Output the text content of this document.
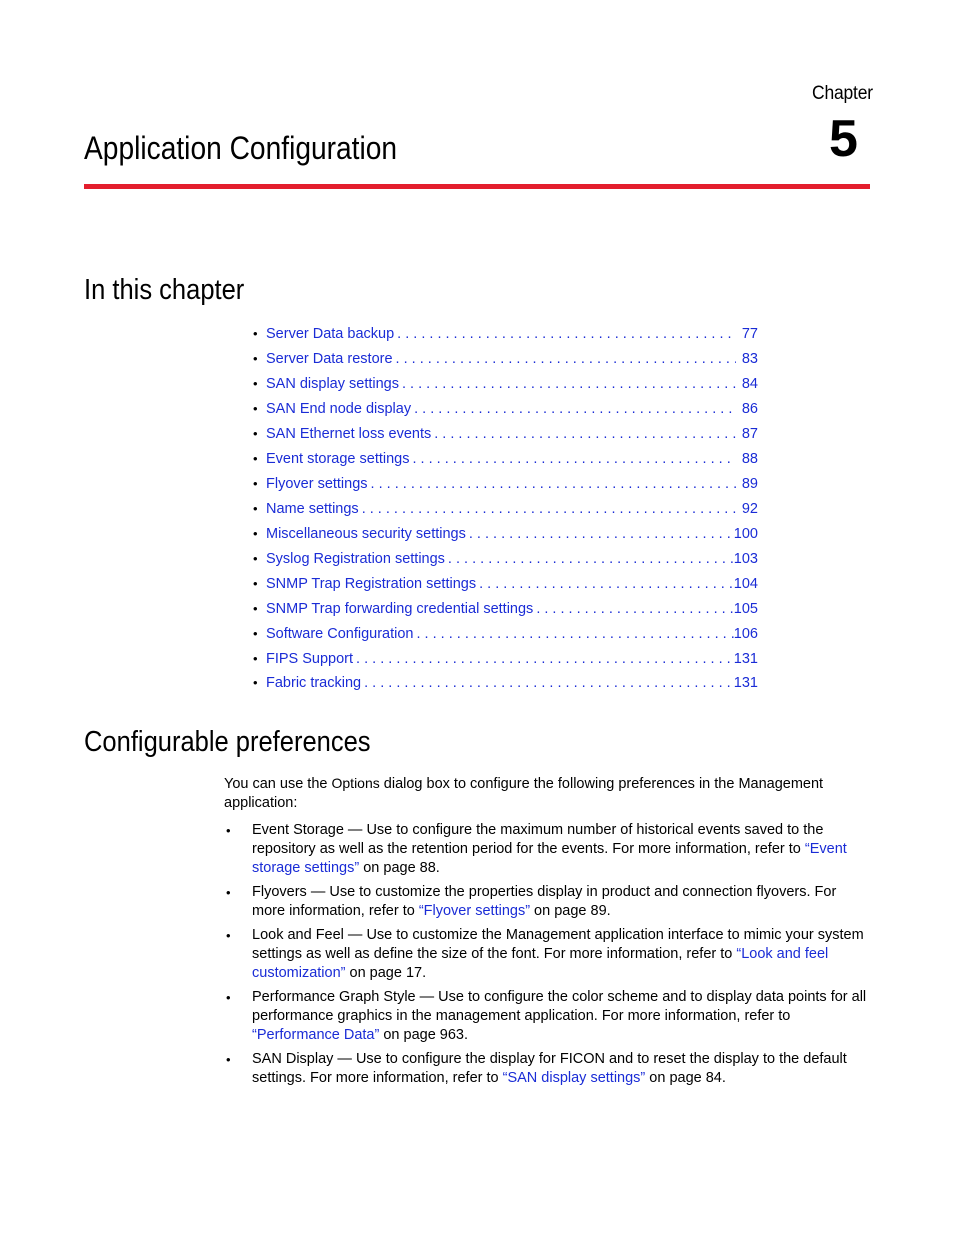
Chapter
5
Application Configuration
In this chapter
• Server Data backup . . .	77
• Server Data restore . . .	83
• SAN display settings . . .	84
• SAN End node display . . .	86
• SAN Ethernet loss events . . .	87
• Event storage settings . . .	88
• Flyover settings . . .	89
• Name settings . . .	92
• Miscellaneous security settings . . .	100
• Syslog Registration settings . . .	103
• SNMP Trap Registration settings . . .	104
• SNMP Trap forwarding credential settings . . .	105
• Software Configuration . . .	106
• FIPS Support . . .	131
• Fabric tracking . . .	131
Configurable preferences

You can use the Options dialog box to configure the following preferences in the Management application:

• Event Storage — Use to configure the maximum number of historical events saved to the repository as well as the retention period for the events. For more information, refer to “Event storage settings” on page 88.
• Flyovers — Use to customize the properties display in product and connection flyovers. For more information, refer to “Flyover settings” on page 89.
• Look and Feel — Use to customize the Management application interface to mimic your system settings as well as define the size of the font. For more information, refer to “Look and feel customization” on page 17.
• Performance Graph Style — Use to configure the color scheme and to display data points for all performance graphics in the management application. For more information, refer to “Performance Data” on page 963.
• SAN Display — Use to configure the display for FICON and to reset the display to the default settings. For more information, refer to “SAN display settings” on page 84.
